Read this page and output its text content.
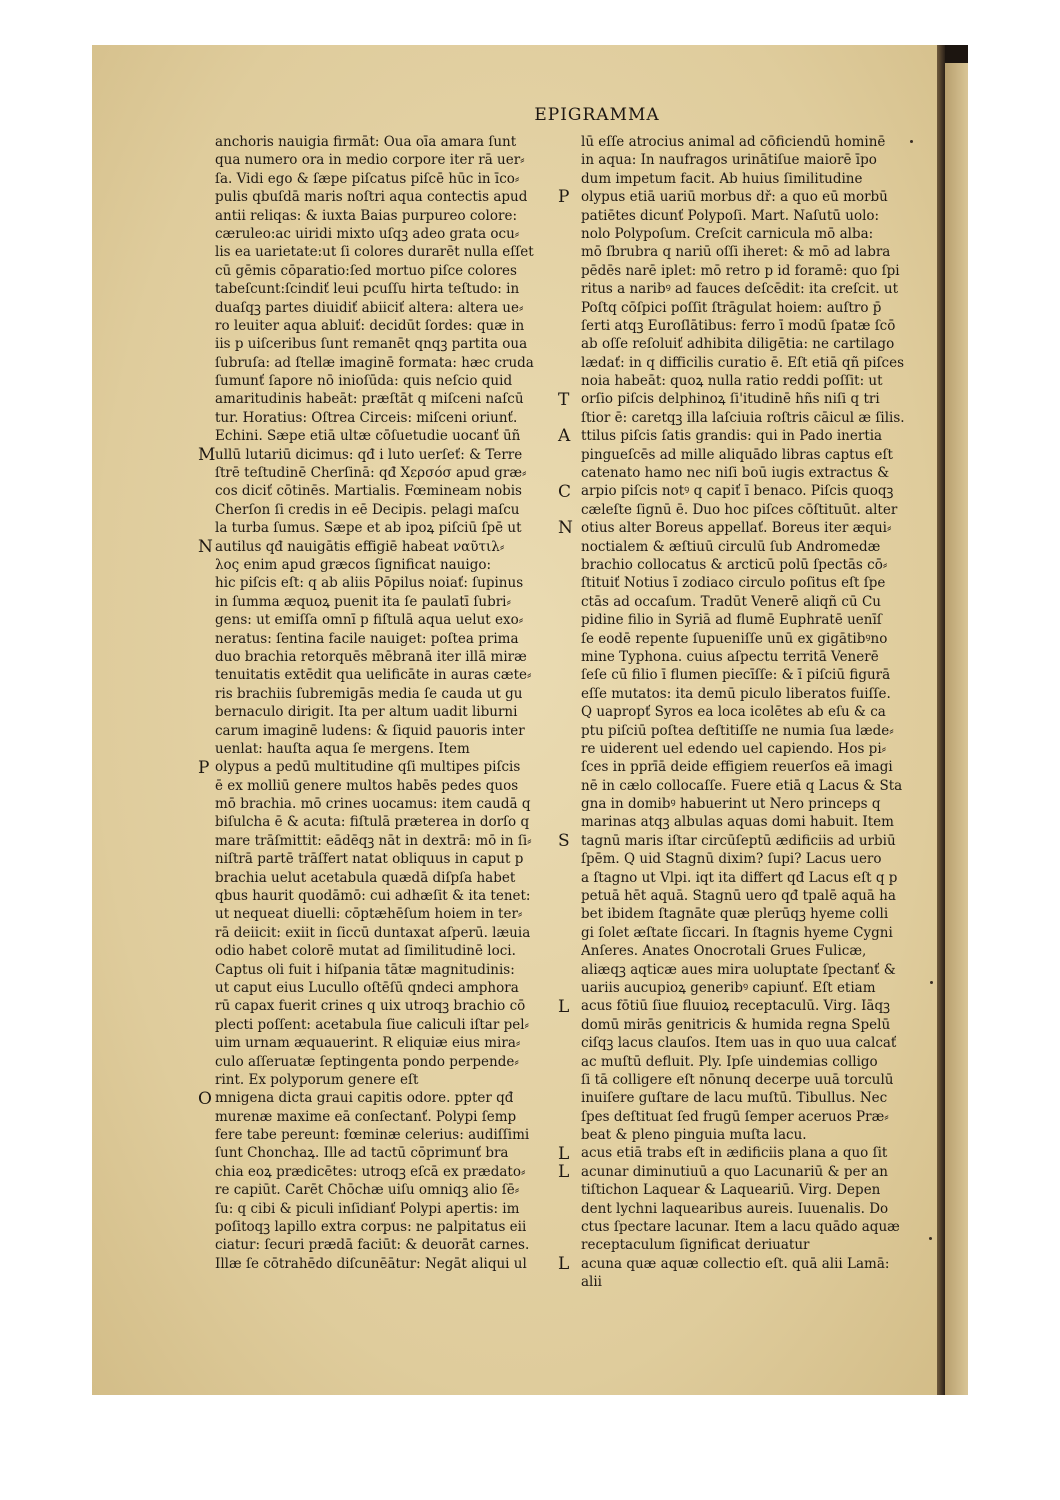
EPIGRAMMA
anchoris nauigia firmāt: Oua oīa amara ſunt
qua numero ora in medio corpore iter rā uer⸗
ſa. Vidi ego & ſæpe piſcatus piſcē hūc in īco⸗
pulis qbuſdā maris noſtri aqua contectis apud
antii reliqas: & iuxta Baias purpureo colore:
cæruleo:ac uiridi mixto uſqꝫ adeo grata ocu⸗
lis ea uarietate:ut ſi colores durarēt nulla eſſet
cū gēmis cōparatio:ſed mortuo piſce colores
tabeſcunt:ſcindiť leui pcuſſu hirta teſtudo: in
duaſqꝫ partes diuidiť abiiciť altera: altera ue⸗
ro leuiter aqua abluiť: decidūt ſordes: quæ in
iis p uiſceribus ſunt remanēt qnqꝫ partita oua
ſubruſa: ad ſtellæ imaginē formata: hæc cruda
ſumunť ſapore nō inioſūda: quis neſcio quid
amaritudinis habeāt: præſtāt q miſceni naſcū
tur. Horatius: Oſtrea Circeis: miſceni oriunť.
Echini. Sæpe etiā ultæ cōſuetudie uocanť ūñ
ullū lutariū dicimus: qđ i luto uerſeť: & Terre
ſtrē teſtudinē Cherſinā: qđ Χερσόσ apud græ⸗
cos diciť cōtinēs. Martialis. Fœmineam nobis
Cherſon ſi credis in eē Decipis. pelagi maſcu
la turba ſumus. Sæpe et ab ipoꝝ piſciū ſpē ut
autilus qđ nauigātis effigiē habeat ναῦτιλ⸗
λος enim apud græcos ſignificat nauigo:
hic piſcis eſt: q ab aliis Pōpilus noiať: ſupinus
in ſumma æquoꝝ puenit ita ſe paulatī ſubri⸗
gens: ut emiſſa omnī p fiſtulā aqua uelut exo⸗
neratus: ſentina facile nauiget: poſtea prima
duo brachia retorquēs mēbranā iter illā miræ
tenuitatis extēdit qua uelificāte in auras cæte⸗
ris brachiis ſubremigās media ſe cauda ut gu
bernaculo dirigit. Ita per altum uadit liburni
carum imaginē ludens: & ſiquid pauoris inter
uenlat: hauſta aqua ſe mergens. Item
olypus a pedū multitudine qſi multipes piſcis
ē ex molliū genere multos habēs pedes quos
mō brachia. mō crines uocamus: item caudā q
biſulcha ē & acuta: fiſtulā præterea in dorſo q
mare trāſmittit: eādēqꝫ nāt in dextrā: mō in ſi⸗
niſtrā partē trāſfert natat obliquus in caput p
brachia uelut acetabula quædā diſpſa habet
qbus haurit quodāmō: cui adhæſit & ita tenet:
ut nequeat diuelli: cōptæhēſum hoiem in ter⸗
rā deiicit: exiit in ſiccū duntaxat aſperū. læuia
odio habet colorē mutat ad ſimilitudinē loci.
Captus oli fuit i hiſpania tātæ magnitudinis:
ut caput eius Lucullo oſtēſū qndeci amphora
rū capax fuerit crines q uix utroqꝫ brachio cō
plecti poſſent: acetabula ſiue caliculi iſtar pel⸗
uim urnam æquauerint. R eliquiæ eius mira⸗
culo aſſeruatæ ſeptingenta pondo perpende⸗
rint. Ex polyporum genere eſt
mnigena dicta graui capitis odore. ppter qđ
murenæ maxime eā conſectanť. Polypi ſemp
fere tabe pereunt: fœminæ celerius: audiſſimi
ſunt Chonchaꝝ. Ille ad tactū cōprimunť bra
chia eoꝝ prædicētes: utroqꝫ eſcā ex prædato⸗
re capiūt. Carēt Chōchæ uiſu omniqꝫ alio ſē⸗
ſu: q cibi & piculi inſidianť Polypi apertis: im
poſitoqꝫ lapillo extra corpus: ne palpitatus eii
ciatur: ſecuri prædā faciūt: & deuorāt carnes.
Illæ ſe cōtrahēdo diſcunēātur: Negāt aliqui ul
lū eſſe atrocius animal ad cōficiendū hominē
in aqua: In naufragos urinātiſue maiorē īpo
dum impetum facit. Ab huius ſimilitudine
olypus etiā uariū morbus dř: a quo eū morbū
patiētes dicunť Polypoſi. Mart. Naſutū uolo:
nolo Polypoſum. Creſcit carnicula mō alba:
mō ſbrubra q nariū oſſi iheret: & mō ad labra
pēdēs narē iplet: mō retro p id foramē: quo ſpi
ritus a naribꝰ ad fauces deſcēdit: ita creſcit. ut
Poſtq cōſpici poſſit ſtrāgulat hoiem: auſtro p̄
ſerti atqꝫ Euroſlātibus: ferro ī modū ſpatæ ſcō
ab oſſe reſoluiť adhibita diligētia: ne cartilago
lædať: in q difficilis curatio ē. Eſt etiā qñ piſces
noia habeāt: quoꝝ nulla ratio reddi poſſit: ut
orſio piſcis delphinoꝝ ſi'itudinē hñs niſi q tri
ſtior ē: caretqꝫ illa laſciuia roſtris cāicul æ ſilis.
ttilus piſcis ſatis grandis: qui in Pado inertia
pingueſcēs ad mille aliquādo libras captus eſt
catenato hamo nec niſi boū iugis extractus &
arpio piſcis notꝰ q capiť ī benaco. Piſcis quoqꝫ
cæleſte ſignū ē. Duo hoc piſces cōſtituūt. alter
otius alter Boreus appellať. Boreus iter æqui⸗
noctialem & æſtiuū circulū ſub Andromedæ
brachio collocatus & arcticū polū ſpectās cō⸗
ſtituiť Notius ī zodiaco circulo poſitus eſt ſpe
ctās ad occaſum. Tradūt Venerē aliqñ cū Cu
pidine filio in Syriā ad flumē Euphratē uenīſ
ſe eodē repente ſupueniſſe unū ex gigātibꝰno
mine Typhona. cuius aſpectu territā Venerē
ſeſe cū filio ī flumen piecīſſe: & ī piſciū figurā
eſſe mutatos: ita demū piculo liberatos fuiſſe.
Q uapropť Syros ea loca icolētes ab eſu & ca
ptu piſciū poſtea deſtitiſſe ne numia ſua læde⸗
re uiderent uel edendo uel capiendo. Hos pi⸗
ſces in pprīā deide effigiem reuerſos eā imagi
nē in cælo collocaſſe. Fuere etiā q Lacus & Sta
gna in domibꝰ habuerint ut Nero princeps q
marinas atqꝫ albulas aquas domi habuit. Item
tagnū maris iſtar circūſeptū ædificiis ad urbiū
ſpēm. Q uid Stagnū dixim? ſupi? Lacus uero
a ſtagno ut Vlpi. iqt ita differt qđ Lacus eſt q p
petuā hēt aquā. Stagnū uero qđ tpalē aquā ha
bet ibidem ſtagnāte quæ plerūqꝫ hyeme colli
gi ſolet æſtate ſiccari. In ſtagnis hyeme Cygni
Anſeres. Anates Onocrotali Grues Fulicæ,
aliæqꝫ aqticæ aues mira uoluptate ſpectanť &
uariis aucupioꝝ generibꝰ capiunť. Eſt etiam
acus fōtiū ſiue fluuioꝝ receptaculū. Virg. Iāqꝫ
domū mirās genitricis & humida regna Spelū
ciſqꝫ lacus clauſos. Item uas in quo uua calcať
ac muſtū defluit. Ply. Ipſe uindemias colligo
ſi tā colligere eſt nōnunq decerpe uuā torculū
inuiſere guſtare de lacu muſtū. Tibullus. Nec
ſpes deſtituat ſed frugū ſemper aceruos Præ⸗
beat & pleno pinguia muſta lacu.
acus etiā trabs eſt in ædificiis plana a quo ſit
acunar diminutiuū a quo Lacunariū & per an
tiſtichon Laquear & Laqueariū. Virg. Depen
dent lychni laquearibus aureis. Iuuenalis. Do
ctus ſpectare lacunar. Item a lacu quādo aquæ
receptaculum ſignificat deriuatur
acuna quæ aquæ collectio eſt. quā alii Lamā:
alii
M
N
P
O
P
T
A
C
N
S
L
L
L
L
